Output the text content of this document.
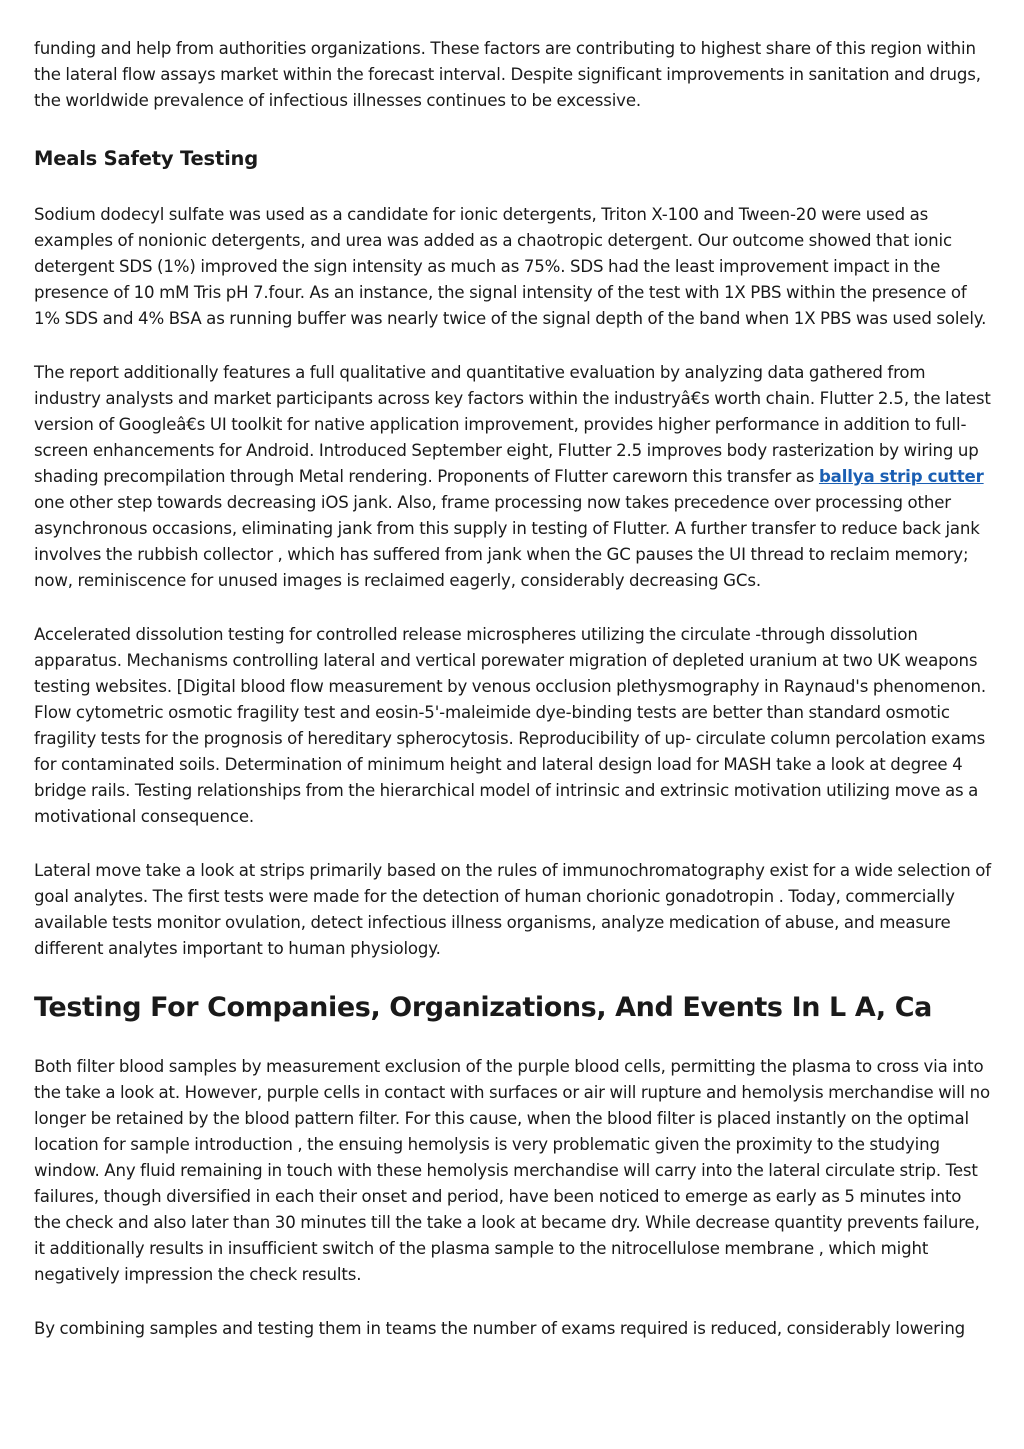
funding and help from authorities organizations. These factors are contributing to highest share of this region within the lateral flow assays market within the forecast interval. Despite significant improvements in sanitation and drugs, the worldwide prevalence of infectious illnesses continues to be excessive.

Meals Safety Testing

Sodium dodecyl sulfate was used as a candidate for ionic detergents, Triton X-100 and Tween-20 were used as examples of nonionic detergents, and urea was added as a chaotropic detergent. Our outcome showed that ionic detergent SDS (1%) improved the sign intensity as much as 75%. SDS had the least improvement impact in the presence of 10 mM Tris pH 7.four. As an instance, the signal intensity of the test with 1X PBS within the presence of 1% SDS and 4% BSA as running buffer was nearly twice of the signal depth of the band when 1X PBS was used solely.

The report additionally features a full qualitative and quantitative evaluation by analyzing data gathered from industry analysts and market participants across key factors within the industryâ€⁣s worth chain. Flutter 2.5, the latest version of Googleâ€⁣s UI toolkit for native application improvement, provides higher performance in addition to full-screen enhancements for Android. Introduced September eight, Flutter 2.5 improves body rasterization by wiring up shading precompilation through Metal rendering. Proponents of Flutter careworn this transfer as ballya strip cutter one other step towards decreasing iOS jank. Also, frame processing now takes precedence over processing other asynchronous occasions, eliminating jank from this supply in testing of Flutter. A further transfer to reduce back jank involves the rubbish collector , which has suffered from jank when the GC pauses the UI thread to reclaim memory; now, reminiscence for unused images is reclaimed eagerly, considerably decreasing GCs.

Accelerated dissolution testing for controlled release microspheres utilizing the circulate -through dissolution apparatus. Mechanisms controlling lateral and vertical porewater migration of depleted uranium at two UK weapons testing websites. [Digital blood flow measurement by venous occlusion plethysmography in Raynaud's phenomenon. Flow cytometric osmotic fragility test and eosin-5'-maleimide dye-binding tests are better than standard osmotic fragility tests for the prognosis of hereditary spherocytosis. Reproducibility of up- circulate column percolation exams for contaminated soils. Determination of minimum height and lateral design load for MASH take a look at degree 4 bridge rails. Testing relationships from the hierarchical model of intrinsic and extrinsic motivation utilizing move as a motivational consequence.

Lateral move take a look at strips primarily based on the rules of immunochromatography exist for a wide selection of goal analytes. The first tests were made for the detection of human chorionic gonadotropin . Today, commercially available tests monitor ovulation, detect infectious illness organisms, analyze medication of abuse, and measure different analytes important to human physiology.

Testing For Companies, Organizations, And Events In L A, Ca

Both filter blood samples by measurement exclusion of the purple blood cells, permitting the plasma to cross via into the take a look at. However, purple cells in contact with surfaces or air will rupture and hemolysis merchandise will no longer be retained by the blood pattern filter. For this cause, when the blood filter is placed instantly on the optimal location for sample introduction , the ensuing hemolysis is very problematic given the proximity to the studying window. Any fluid remaining in touch with these hemolysis merchandise will carry into the lateral circulate strip. Test failures, though diversified in each their onset and period, have been noticed to emerge as early as 5 minutes into the check and also later than 30 minutes till the take a look at became dry. While decrease quantity prevents failure, it additionally results in insufficient switch of the plasma sample to the nitrocellulose membrane , which might negatively impression the check results.

By combining samples and testing them in teams the number of exams required is reduced, considerably lowering
